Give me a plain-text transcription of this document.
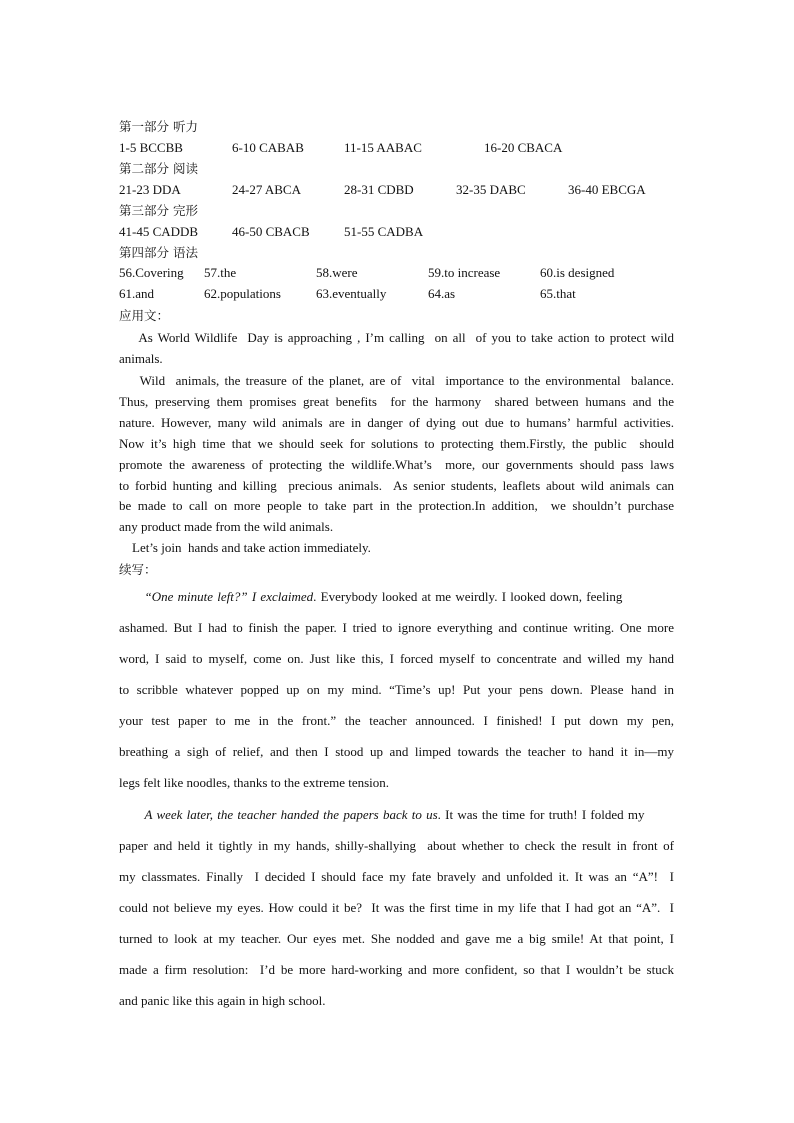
第一部分 听力
1-5 BCCBB	6-10 CABAB	11-15 AABAC	16-20 CBACA
第二部分 阅读
21-23 DDA	24-27 ABCA	28-31 CDBD	32-35 DABC	36-40 EBCGA
第三部分 完形
41-45 CADDB	46-50 CBACB	51-55 CADBA
第四部分 语法
56.Covering 57.the	58.were	59.to increase	60.is designed
61.and	62.populations	63.eventually	64.as	65.that
应用文：
As World Wildlife  Day is approaching , I’m calling  on all  of you to take action to protect wild
animals.
Wild  animals, the treasure of the planet, are of  vital  importance to the environmental  balance.
Thus, preserving them promises great benefits  for the harmony  shared between humans and the
nature. However, many wild animals are in danger of dying out due to humans’ harmful activities.
Now it’s high time that we should seek for solutions to protecting them.Firstly, the public  should
promote the awareness of protecting the wildlife.What’s  more, our governments should pass laws
to forbid hunting and killing  precious animals.  As senior students, leaflets about wild animals can
be made to call on more people to take part in the protection.In addition,  we shouldn’t purchase
any product made from the wild animals.
Let’s join  hands and take action immediately.
续写：
“One minute left?” I exclaimed. Everybody looked at me weirdly. I looked down, feeling
ashamed. But I had to finish the paper. I tried to ignore everything and continue writing. One more
word, I said to myself, come on. Just like this, I forced myself to concentrate and willed my hand
to scribble whatever popped up on my mind. “Time’s up! Put your pens down. Please hand in
your test paper to me in the front.” the teacher announced. I finished! I put down my pen,
breathing a sigh of relief, and then I stood up and limped towards the teacher to hand it in—my
legs felt like noodles, thanks to the extreme tension.
A week later, the teacher handed the papers back to us. It was the time for truth! I folded my
paper and held it tightly in my hands, shilly-shallying  about whether to check the result in front of
my classmates. Finally  I decided I should face my fate bravely and unfolded it. It was an “A”!  I
could not believe my eyes. How could it be?  It was the first time in my life that I had got an “A”.  I
turned to look at my teacher. Our eyes met. She nodded and gave me a big smile! At that point, I
made a firm resolution:  I’d be more hard-working and more confident, so that I wouldn’t be stuck
and panic like this again in high school.
